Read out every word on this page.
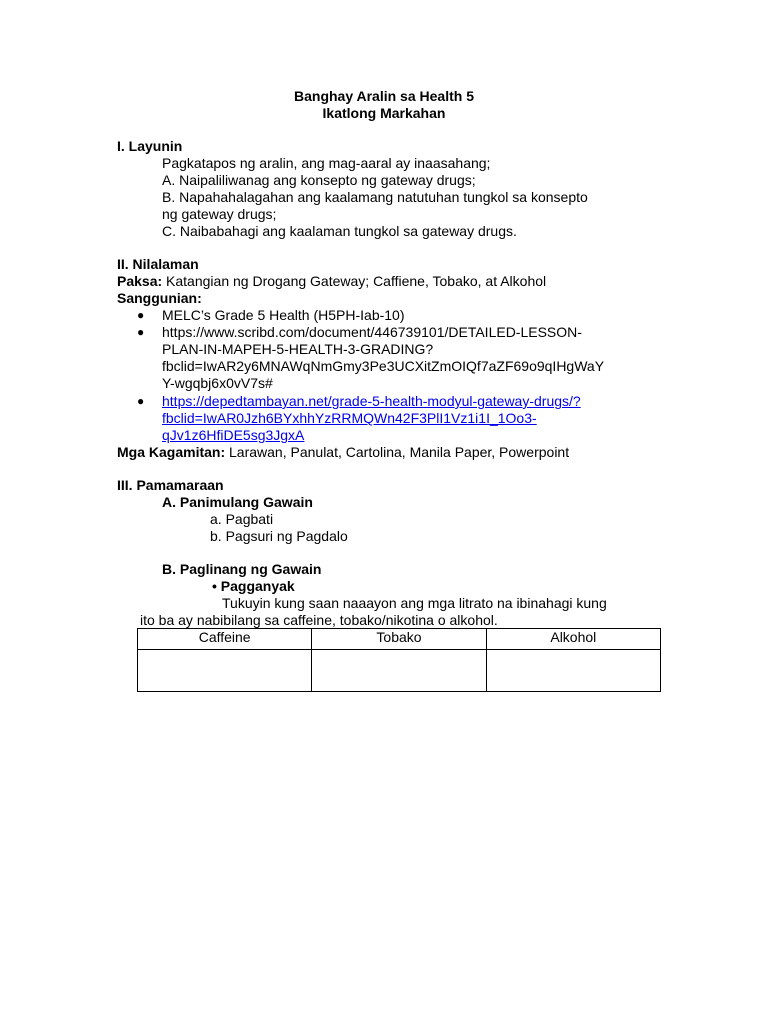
Banghay Aralin sa Health 5
Ikatlong Markahan
I. Layunin
Pagkatapos ng aralin, ang mag-aaral ay inaasahang;
A. Naipaliliwanag ang konsepto ng gateway drugs;
B. Napahahalagahan ang kaalamang natutuhan tungkol sa konsepto
ng gateway drugs;
C. Naibabahagi ang kaalaman tungkol sa gateway drugs.
II. Nilalaman
Paksa: Katangian ng Drogang Gateway; Caffiene, Tobako, at Alkohol
Sanggunian:
● MELC’s Grade 5 Health (H5PH-Iab-10)
● https://www.scribd.com/document/446739101/DETAILED-LESSON-
PLAN-IN-MAPEH-5-HEALTH-3-GRADING?
fbclid=IwAR2y6MNAWqNmGmy3Pe3UCXitZmOIQf7aZF69o9qIHgWaY
Y-wgqbj6x0vV7s#
● https://depedtambayan.net/grade-5-health-modyul-gateway-drugs/?
fbclid=IwAR0Jzh6BYxhhYzRRMQWn42F3PlI1Vz1i1I_1Oo3-
qJv1z6HfiDE5sg3JgxA
Mga Kagamitan: Larawan, Panulat, Cartolina, Manila Paper, Powerpoint
III. Pamamaraan
A. Panimulang Gawain
a. Pagbati
b. Pagsuri ng Pagdalo
B. Paglinang ng Gawain
• Pagganyak
Tukuyin kung saan naaayon ang mga litrato na ibinahagi kung
ito ba ay nabibilang sa caffeine, tobako/nikotina o alkohol.
Caffeine	Tobako	Alkohol
